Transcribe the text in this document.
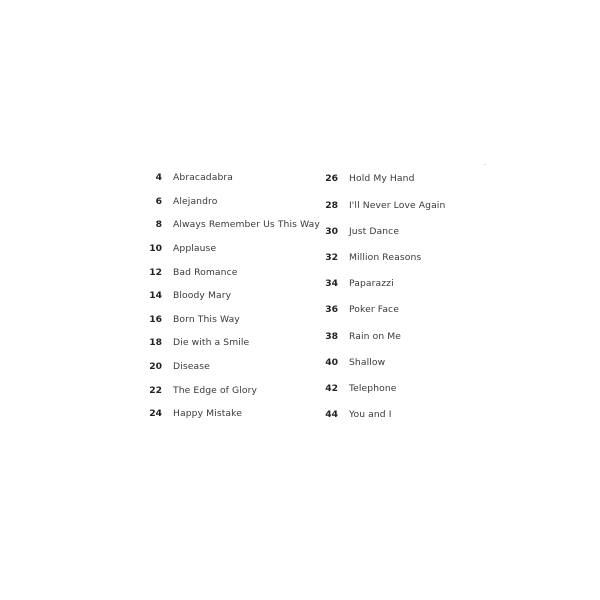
4 Abracadabra
6 Alejandro
8 Always Remember Us This Way
10 Applause
12 Bad Romance
14 Bloody Mary
16 Born This Way
18 Die with a Smile
20 Disease
22 The Edge of Glory
24 Happy Mistake
26 Hold My Hand
28 I'll Never Love Again
30 Just Dance
32 Million Reasons
34 Paparazzi
36 Poker Face
38 Rain on Me
40 Shallow
42 Telephone
44 You and I
